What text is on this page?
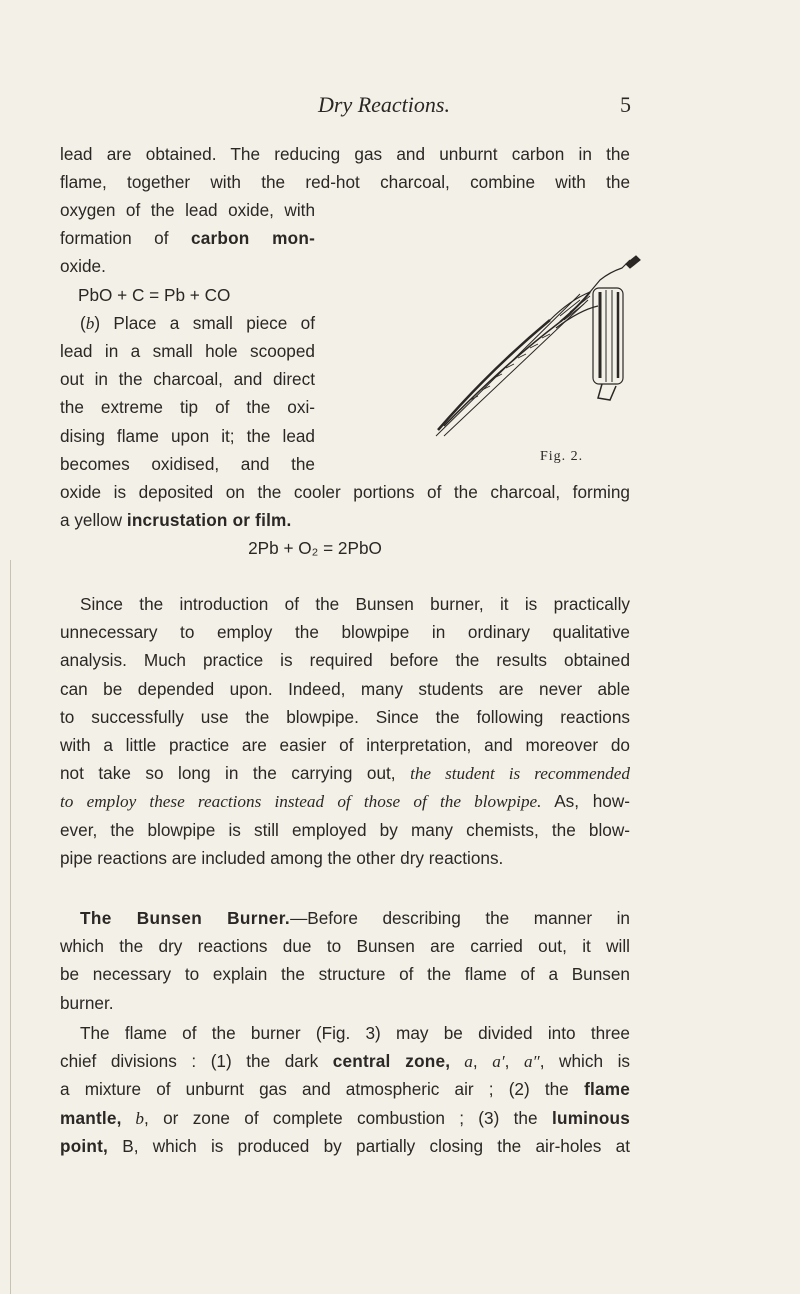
Dry Reactions.	5
lead are obtained. The reducing gas and unburnt carbon in the
flame, together with the red-hot charcoal, combine with the
oxygen of the lead oxide, with
formation of carbon mon-
oxide.
PbO + C = Pb + CO
(b) Place a small piece of
lead in a small hole scooped
out in the charcoal, and direct
the extreme tip of the oxi-
dising flame upon it; the lead
becomes oxidised, and the	Fig. 2.
oxide is deposited on the cooler portions of the charcoal, forming
a yellow incrustation or film.
2Pb + O₂ = 2PbO
Since the introduction of the Bunsen burner, it is practically
unnecessary to employ the blowpipe in ordinary qualitative
analysis. Much practice is required before the results obtained
can be depended upon. Indeed, many students are never able
to successfully use the blowpipe. Since the following reactions
with a little practice are easier of interpretation, and moreover do
not take so long in the carrying out, the student is recommended
to employ these reactions instead of those of the blowpipe. As, how-
ever, the blowpipe is still employed by many chemists, the blow-
pipe reactions are included among the other dry reactions.
The Bunsen Burner.—Before describing the manner in
which the dry reactions due to Bunsen are carried out, it will
be necessary to explain the structure of the flame of a Bunsen
burner.
The flame of the burner (Fig. 3) may be divided into three
chief divisions : (1) the dark central zone, a, a′, a″, which is
a mixture of unburnt gas and atmospheric air ; (2) the flame
mantle, b, or zone of complete combustion ; (3) the luminous
point, B, which is produced by partially closing the air-holes at
